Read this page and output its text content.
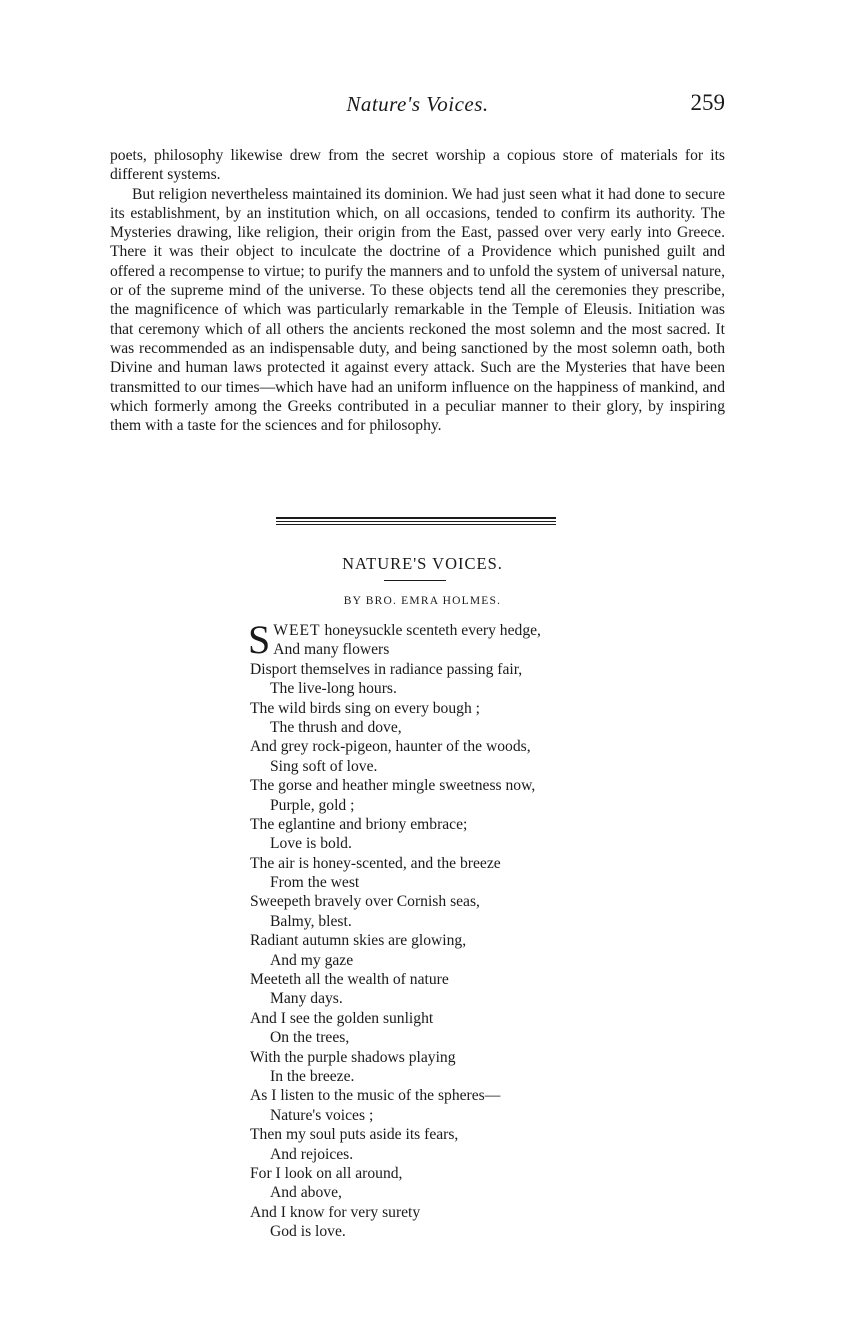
Nature's Voices.	259

poets, philosophy likewise drew from the secret worship a copious store of materials for its different systems.

But religion nevertheless maintained its dominion. We had just seen what it had done to secure its establishment, by an institution which, on all occasions, tended to confirm its authority. The Mysteries drawing, like religion, their origin from the East, passed over very early into Greece. There it was their object to inculcate the doctrine of a Providence which punished guilt and offered a recompense to virtue; to purify the manners and to unfold the system of universal nature, or of the supreme mind of the universe. To these objects tend all the ceremonies they prescribe, the magnificence of which was particularly remarkable in the Temple of Eleusis. Initiation was that ceremony which of all others the ancients reckoned the most solemn and the most sacred. It was recommended as an indispensable duty, and being sanctioned by the most solemn oath, both Divine and human laws protected it against every attack. Such are the Mysteries that have been transmitted to our times—which have had an uniform influence on the happiness of mankind, and which formerly among the Greeks contributed in a peculiar manner to their glory, by inspiring them with a taste for the sciences and for philosophy.

NATURE'S VOICES.
BY BRO. EMRA HOLMES.
SWEET honeysuckle scenteth every hedge,
And many flowers
Disport themselves in radiance passing fair,
The live-long hours.
The wild birds sing on every bough ;
The thrush and dove,
And grey rock-pigeon, haunter of the woods,
Sing soft of love.
The gorse and heather mingle sweetness now,
Purple, gold ;
The eglantine and briony embrace;
Love is bold.
The air is honey-scented, and the breeze
From the west
Sweepeth bravely over Cornish seas,
Balmy, blest.
Radiant autumn skies are glowing,
And my gaze
Meeteth all the wealth of nature
Many days.
And I see the golden sunlight
On the trees,
With the purple shadows playing
In the breeze.
As I listen to the music of the spheres—
Nature's voices ;
Then my soul puts aside its fears,
And rejoices.
For I look on all around,
And above,
And I know for very surety
God is love.
